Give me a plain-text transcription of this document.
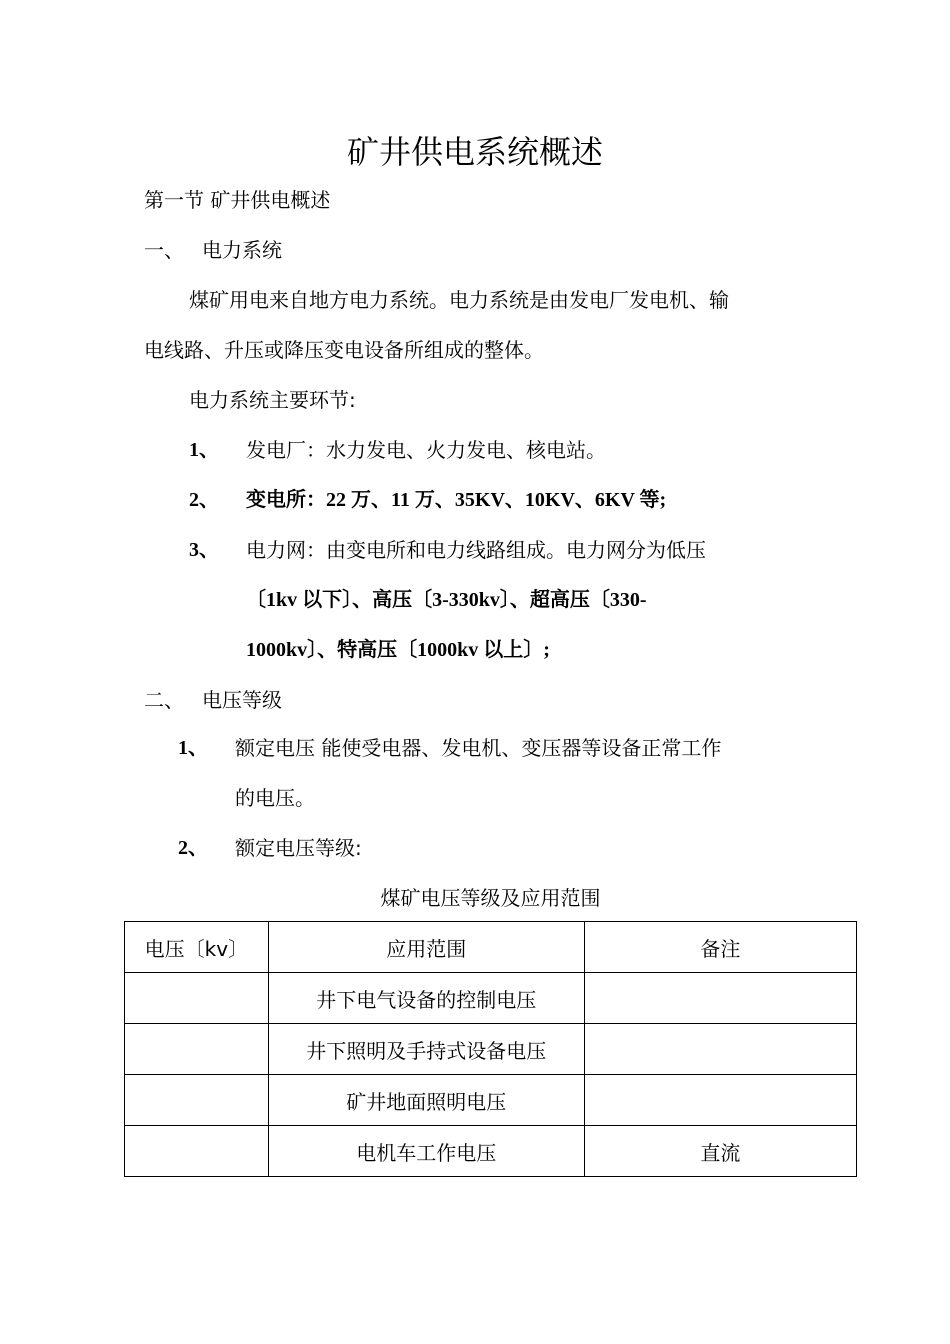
矿井供电系统概述
第一节 矿井供电概述
一、 电力系统
煤矿用电来自地方电力系统。电力系统是由发电厂发电机、输
电线路、升压或降压变电设备所组成的整体。
电力系统主要环节:
1、 发电厂：水力发电、火力发电、核电站。
2、 变电所：22 万、11 万、35KV、10KV、6KV 等;
3、 电力网：由变电所和电力线路组成。电力网分为低压
〔1kv 以下〕、高压〔3-330kv〕、超高压〔330-
1000kv〕、特高压〔1000kv 以上〕;
二、 电压等级
1、 额定电压 能使受电器、发电机、变压器等设备正常工作
的电压。
2、 额定电压等级:
煤矿电压等级及应用范围
电压〔kv〕	应用范围	备注
	井下电气设备的控制电压	
	井下照明及手持式设备电压	
	矿井地面照明电压	
	电机车工作电压	直流
